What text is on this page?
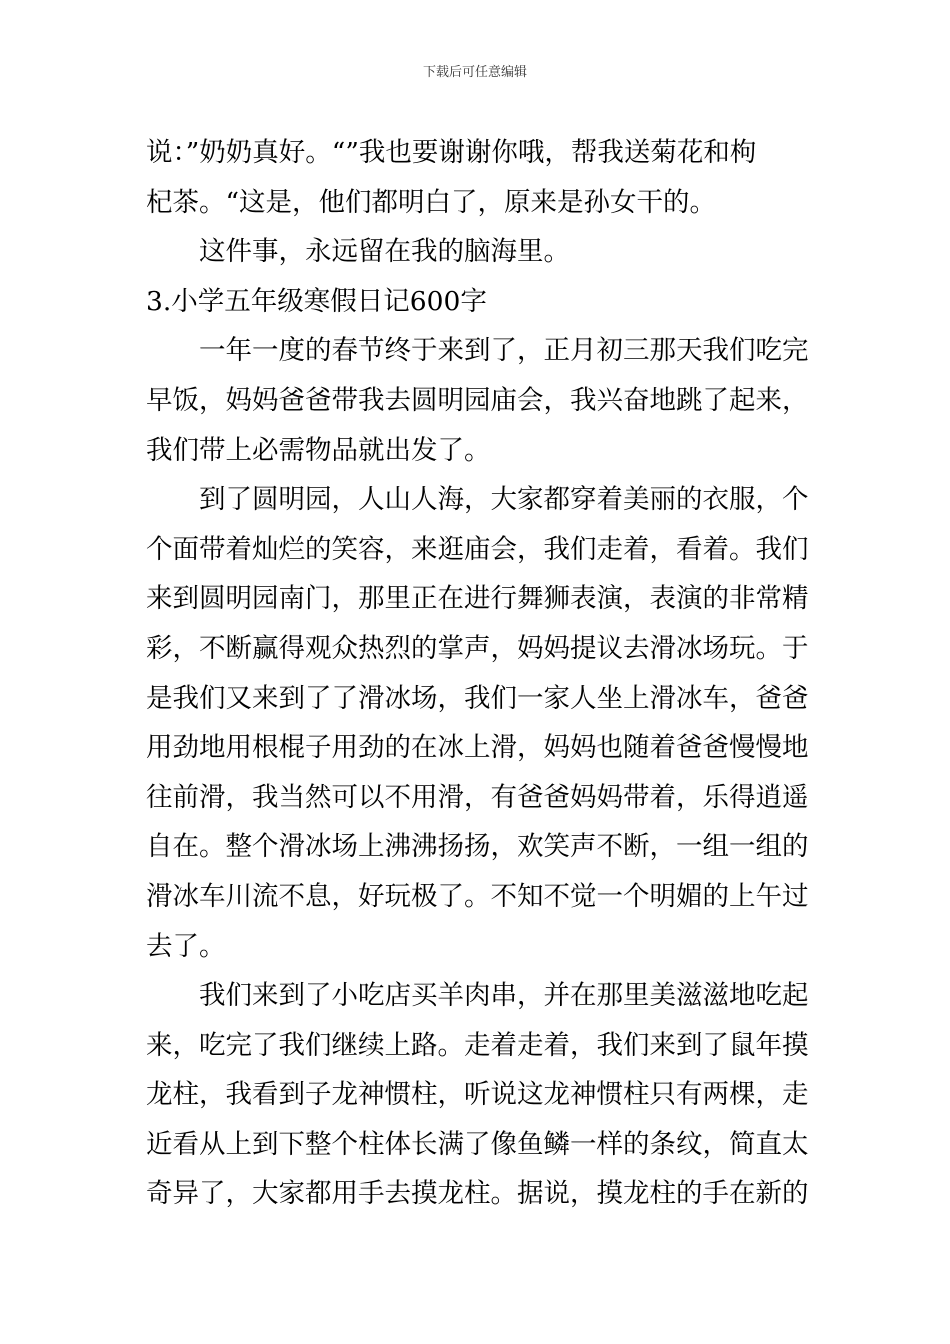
下载后可任意编辑
说：”奶奶真好。“”我也要谢谢你哦，帮我送菊花和枸
杞茶。“这是，他们都明白了，原来是孙女干的。
这件事，永远留在我的脑海里。
3.小学五年级寒假日记600字
一年一度的春节终于来到了，正月初三那天我们吃完
早饭，妈妈爸爸带我去圆明园庙会，我兴奋地跳了起来，
我们带上必需物品就出发了。
到了圆明园，人山人海，大家都穿着美丽的衣服，个
个面带着灿烂的笑容，来逛庙会，我们走着，看着。我们
来到圆明园南门，那里正在进行舞狮表演，表演的非常精
彩，不断赢得观众热烈的掌声，妈妈提议去滑冰场玩。于
是我们又来到了了滑冰场，我们一家人坐上滑冰车，爸爸
用劲地用根棍子用劲的在冰上滑，妈妈也随着爸爸慢慢地
往前滑，我当然可以不用滑，有爸爸妈妈带着，乐得逍遥
自在。整个滑冰场上沸沸扬扬，欢笑声不断，一组一组的
滑冰车川流不息，好玩极了。不知不觉一个明媚的上午过
去了。
我们来到了小吃店买羊肉串，并在那里美滋滋地吃起
来，吃完了我们继续上路。走着走着，我们来到了鼠年摸
龙柱，我看到子龙神惯柱，听说这龙神惯柱只有两棵，走
近看从上到下整个柱体长满了像鱼鳞一样的条纹，简直太
奇异了，大家都用手去摸龙柱。据说，摸龙柱的手在新的
